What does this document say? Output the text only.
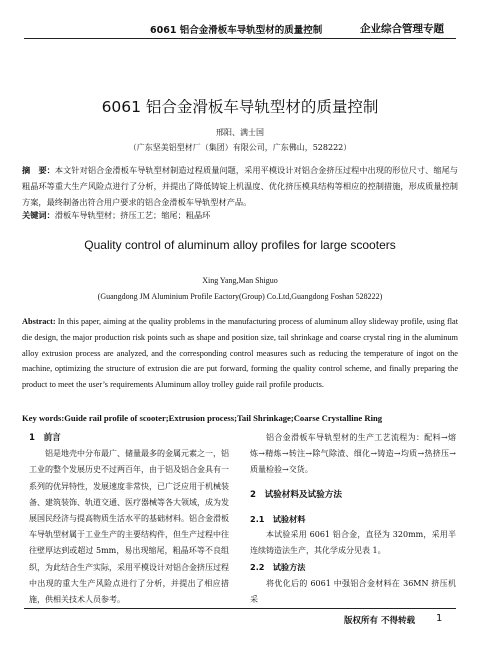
6061 铝合金滑板车导轨型材的质量控制	企业综合管理专题
6061 铝合金滑板车导轨型材的质量控制
邢阳、满士国
（广东坚美铝型材厂（集团）有限公司，广东佛山，528222）
摘　要：本文针对铝合金滑板车导轨型材制造过程质量问题，采用平模设计对铝合金挤压过程中出现的形位尺寸、缩尾与粗晶环等重大生产风险点进行了分析，并提出了降低铸锭上机温度、优化挤压模具结构等相应的控制措施，形成质量控制方案，最终制备出符合用户要求的铝合金滑板车导轨型材产品。
关键词：滑板车导轨型材；挤压工艺；缩尾；粗晶环
Quality control of aluminum alloy profiles for large scooters
Xing Yang,Man Shiguo
(Guangdong JM Aluminium Profile Eactory(Group) Co.Ltd,Guangdong Foshan 528222)
Abstract: In this paper, aiming at the quality problems in the manufacturing process of aluminum alloy slideway profile, using flat die design, the major production risk points such as shape and position size, tail shrinkage and coarse crystal ring in the aluminum alloy extrusion process are analyzed, and the corresponding control measures such as reducing the temperature of ingot on the machine, optimizing the structure of extrusion die are put forward, forming the quality control scheme, and finally preparing the product to meet the user’s requirements Aluminum alloy trolley guide rail profile products.
Key words:Guide rail profile of scooter;Extrusion process;Tail Shrinkage;Coarse Crystalline Ring
1　前言
铝是地壳中分布最广、储量最多的金属元素之一，铝工业的整个发展历史不过两百年，由于铝及铝合金具有一系列的优异特性，发展速度非常快，已广泛应用于机械装备、建筑装饰、轨道交通、医疗器械等各大领域，成为发展国民经济与提高物质生活水平的基础材料。铝合金滑板车导轨型材属于工业生产的主要结构件，但生产过程中往往壁厚达到或超过 5mm，易出现缩尾，粗晶环等不良组织，为此结合生产实际，采用平模设计对铝合金挤压过程中出现的重大生产风险点进行了分析，并提出了相应措施，供相关技术人员参考。
铝合金滑板车导轨型材的生产工艺流程为：配料→熔炼→精炼→转注→除气除渣、细化→铸造→均质→热挤压→质量检验→交货。
2　试验材料及试验方法
2.1　试验材料
本试验采用 6061 铝合金，直径为 320mm，采用半连续铸造法生产，其化学成分见表 1。
2.2　试验方法
将优化后的 6061 中强铝合金材料在 36MN 挤压机采
版权所有 不得转载 1
